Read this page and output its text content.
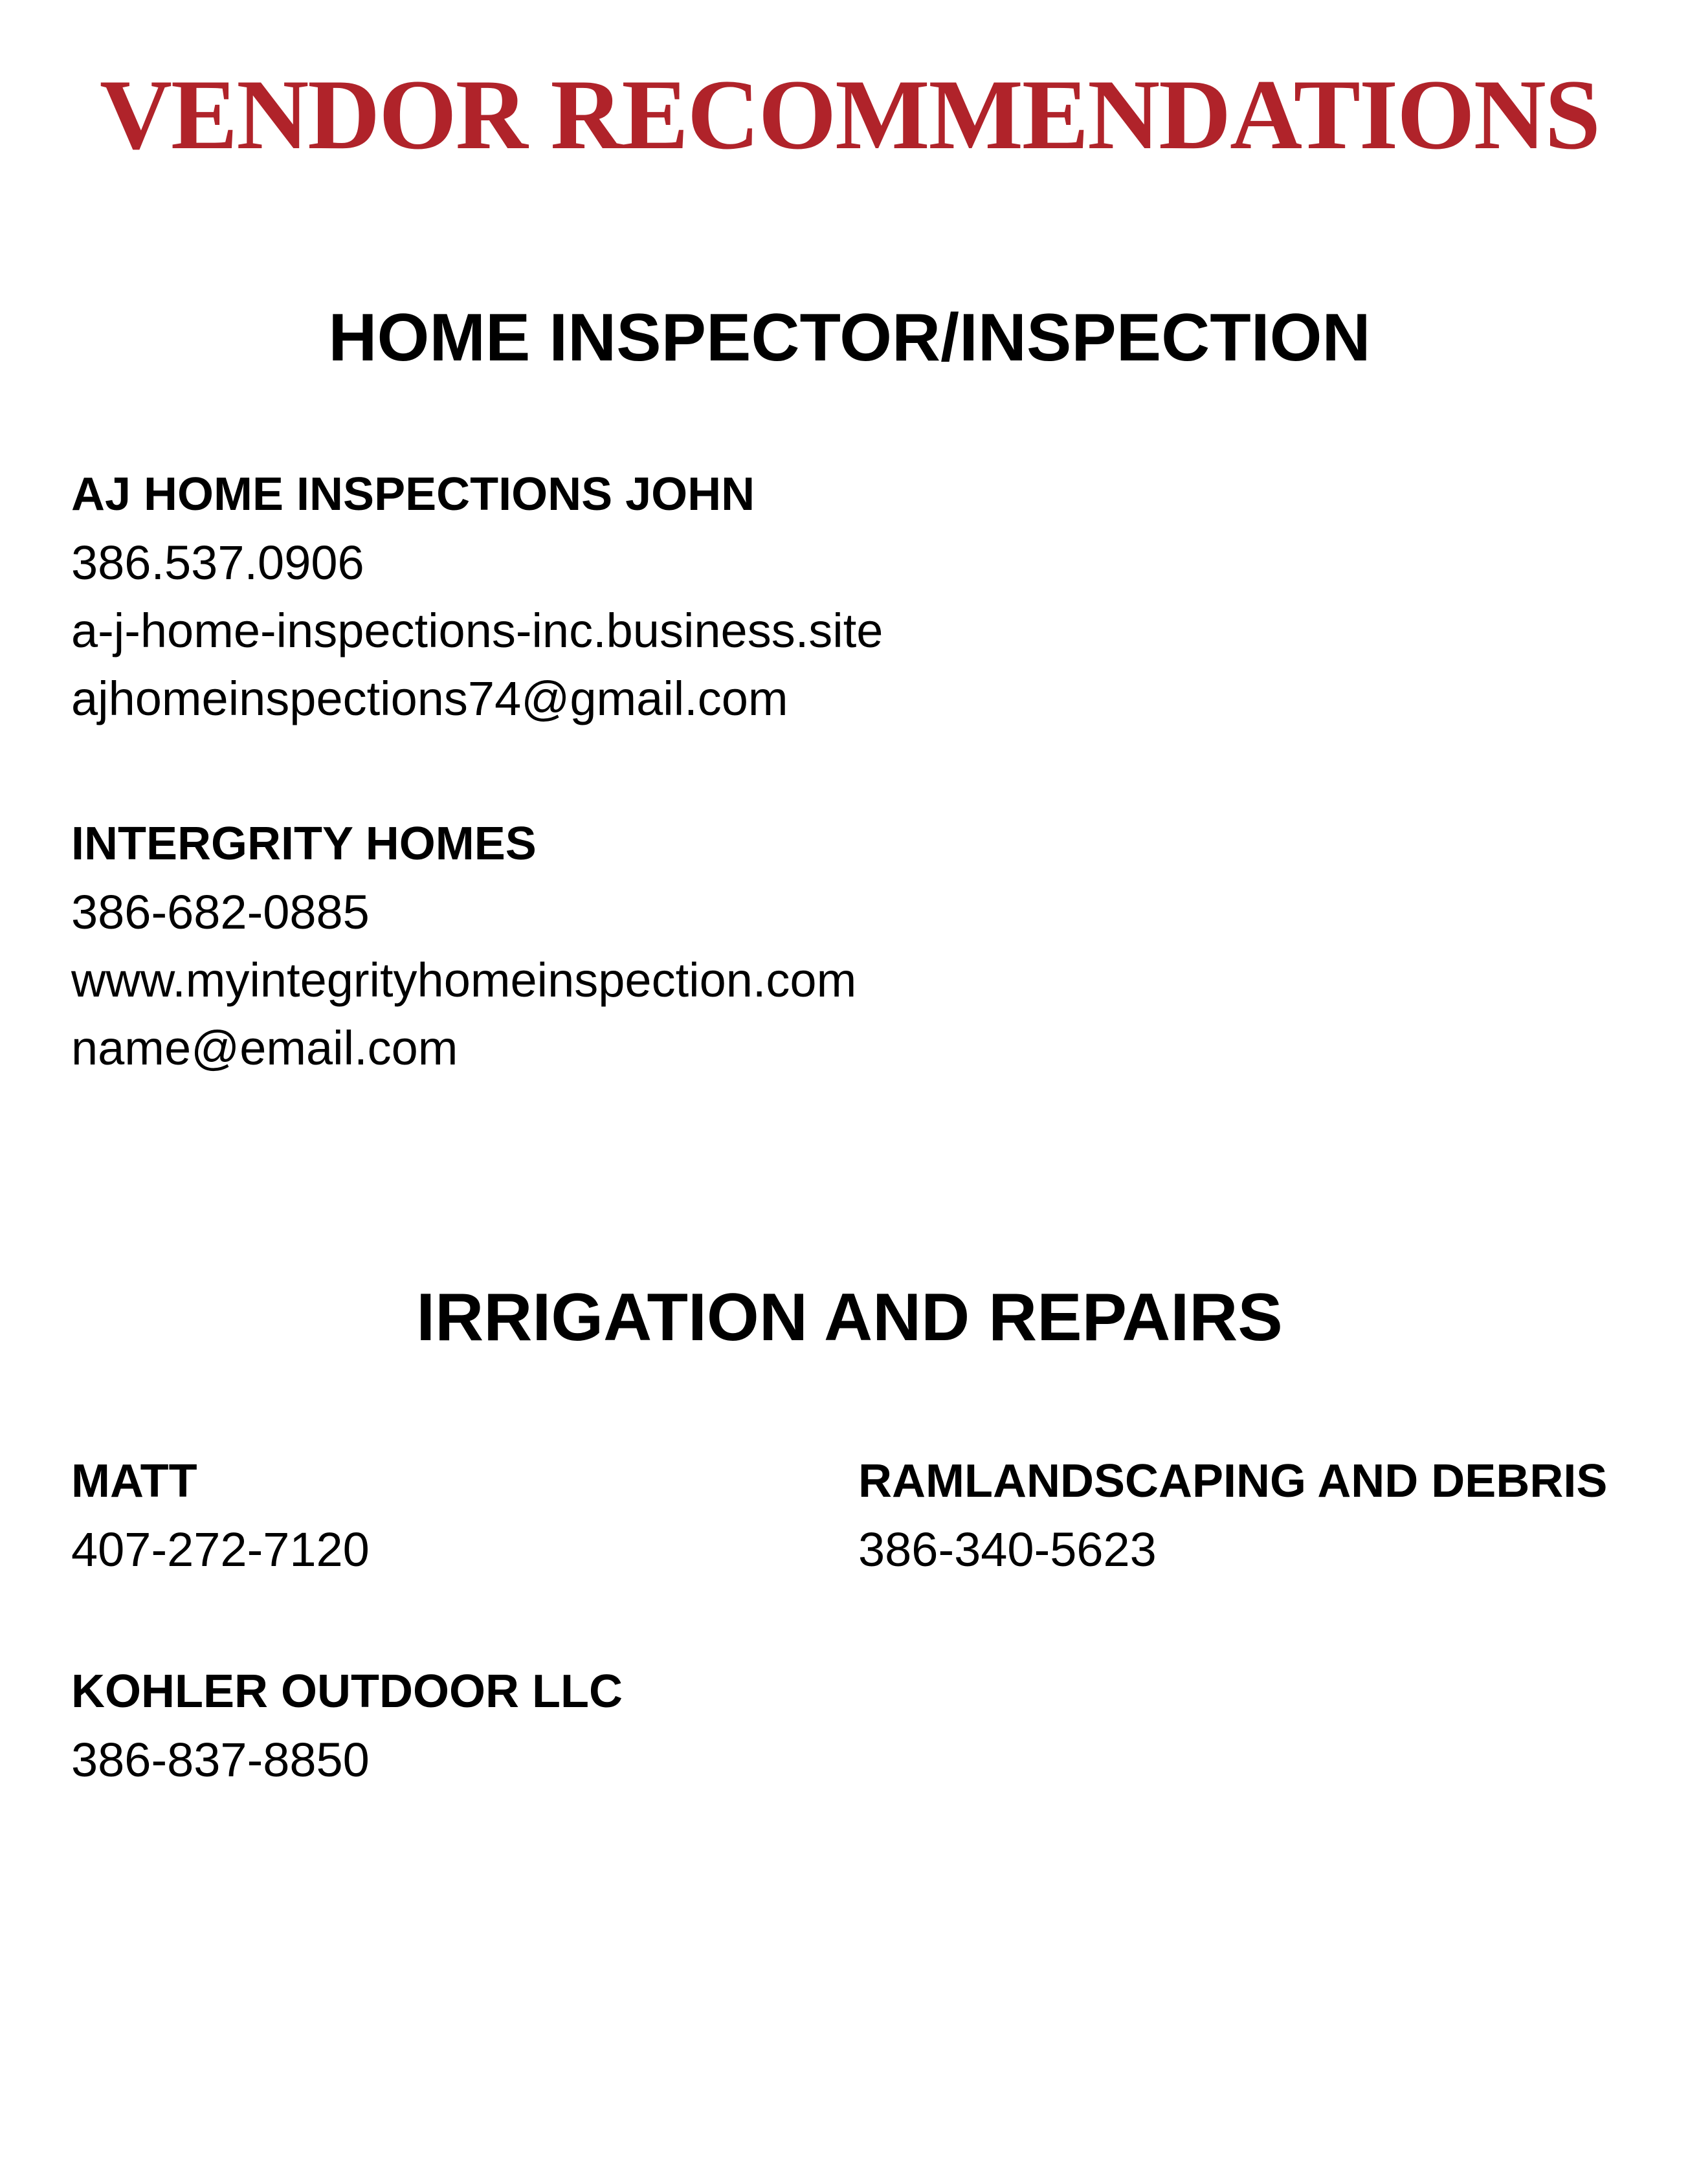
VENDOR RECOMMENDATIONS
HOME INSPECTOR/INSPECTION

AJ HOME INSPECTIONS JOHN

386.537.0906

a-j-home-inspections-inc.business.site

ajhomeinspections74@gmail.com

INTERGRITY HOMES

386-682-0885

www.myintegrityhomeinspection.com

name@email.com

IRRIGATION AND REPAIRS

MATT

407-272-7120

RAMLANDSCAPING AND DEBRIS

386-340-5623

KOHLER OUTDOOR LLC

386-837-8850
